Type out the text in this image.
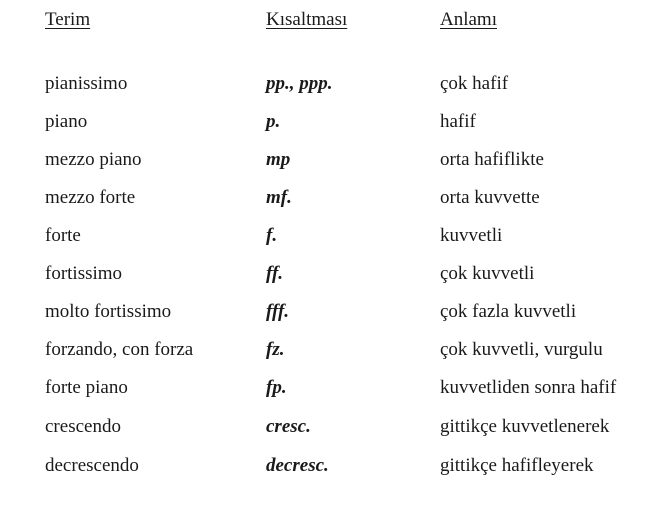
Terim	Kısaltması	Anlamı
pianissimo	pp., ppp.	çok hafif
piano	p.	hafif
mezzo piano	mp	orta hafiflikte
mezzo forte	mf.	orta kuvvette
forte	f.	kuvvetli
fortissimo	ff.	çok kuvvetli
molto fortissimo	fff.	çok fazla kuvvetli
forzando, con forza	fz.	çok kuvvetli, vurgulu
forte piano	fp.	kuvvetliden sonra hafif
crescendo	cresc.	gittikçe kuvvetlenerek
decrescendo	decresc.	gittikçe hafifleyerek
